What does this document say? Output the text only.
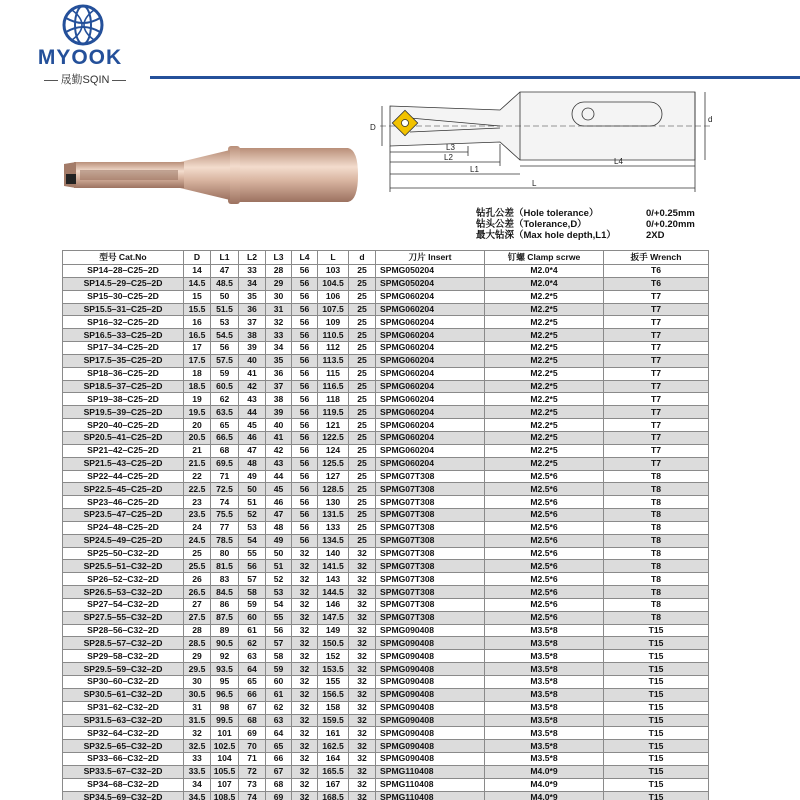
MYOOK
晟勤SQIN
D
d
L3
L2
L1
L4
L
钻孔公差（Hole tolerance）	0/+0.25mm
钻头公差（Tolerance,D）	0/+0.20mm
最大钻深（Max hole depth,L1）	2XD
型号 Cat.No	D	L1	L2	L3	L4	L	d	刀片 Insert	钉螺 Clamp scrwe	扳手 Wrench
SP14–28–C25–2D	14	47	33	28	56	103	25	SPMG050204	M2.0*4	T6
SP14.5–29–C25–2D	14.5	48.5	34	29	56	104.5	25	SPMG050204	M2.0*4	T6
SP15–30–C25–2D	15	50	35	30	56	106	25	SPMG060204	M2.2*5	T7
SP15.5–31–C25–2D	15.5	51.5	36	31	56	107.5	25	SPMG060204	M2.2*5	T7
SP16–32–C25–2D	16	53	37	32	56	109	25	SPMG060204	M2.2*5	T7
SP16.5–33–C25–2D	16.5	54.5	38	33	56	110.5	25	SPMG060204	M2.2*5	T7
SP17–34–C25–2D	17	56	39	34	56	112	25	SPMG060204	M2.2*5	T7
SP17.5–35–C25–2D	17.5	57.5	40	35	56	113.5	25	SPMG060204	M2.2*5	T7
SP18–36–C25–2D	18	59	41	36	56	115	25	SPMG060204	M2.2*5	T7
SP18.5–37–C25–2D	18.5	60.5	42	37	56	116.5	25	SPMG060204	M2.2*5	T7
SP19–38–C25–2D	19	62	43	38	56	118	25	SPMG060204	M2.2*5	T7
SP19.5–39–C25–2D	19.5	63.5	44	39	56	119.5	25	SPMG060204	M2.2*5	T7
SP20–40–C25–2D	20	65	45	40	56	121	25	SPMG060204	M2.2*5	T7
SP20.5–41–C25–2D	20.5	66.5	46	41	56	122.5	25	SPMG060204	M2.2*5	T7
SP21–42–C25–2D	21	68	47	42	56	124	25	SPMG060204	M2.2*5	T7
SP21.5–43–C25–2D	21.5	69.5	48	43	56	125.5	25	SPMG060204	M2.2*5	T7
SP22–44–C25–2D	22	71	49	44	56	127	25	SPMG07T308	M2.5*6	T8
SP22.5–45–C25–2D	22.5	72.5	50	45	56	128.5	25	SPMG07T308	M2.5*6	T8
SP23–46–C25–2D	23	74	51	46	56	130	25	SPMG07T308	M2.5*6	T8
SP23.5–47–C25–2D	23.5	75.5	52	47	56	131.5	25	SPMG07T308	M2.5*6	T8
SP24–48–C25–2D	24	77	53	48	56	133	25	SPMG07T308	M2.5*6	T8
SP24.5–49–C25–2D	24.5	78.5	54	49	56	134.5	25	SPMG07T308	M2.5*6	T8
SP25–50–C32–2D	25	80	55	50	32	140	32	SPMG07T308	M2.5*6	T8
SP25.5–51–C32–2D	25.5	81.5	56	51	32	141.5	32	SPMG07T308	M2.5*6	T8
SP26–52–C32–2D	26	83	57	52	32	143	32	SPMG07T308	M2.5*6	T8
SP26.5–53–C32–2D	26.5	84.5	58	53	32	144.5	32	SPMG07T308	M2.5*6	T8
SP27–54–C32–2D	27	86	59	54	32	146	32	SPMG07T308	M2.5*6	T8
SP27.5–55–C32–2D	27.5	87.5	60	55	32	147.5	32	SPMG07T308	M2.5*6	T8
SP28–56–C32–2D	28	89	61	56	32	149	32	SPMG090408	M3.5*8	T15
SP28.5–57–C32–2D	28.5	90.5	62	57	32	150.5	32	SPMG090408	M3.5*8	T15
SP29–58–C32–2D	29	92	63	58	32	152	32	SPMG090408	M3.5*8	T15
SP29.5–59–C32–2D	29.5	93.5	64	59	32	153.5	32	SPMG090408	M3.5*8	T15
SP30–60–C32–2D	30	95	65	60	32	155	32	SPMG090408	M3.5*8	T15
SP30.5–61–C32–2D	30.5	96.5	66	61	32	156.5	32	SPMG090408	M3.5*8	T15
SP31–62–C32–2D	31	98	67	62	32	158	32	SPMG090408	M3.5*8	T15
SP31.5–63–C32–2D	31.5	99.5	68	63	32	159.5	32	SPMG090408	M3.5*8	T15
SP32–64–C32–2D	32	101	69	64	32	161	32	SPMG090408	M3.5*8	T15
SP32.5–65–C32–2D	32.5	102.5	70	65	32	162.5	32	SPMG090408	M3.5*8	T15
SP33–66–C32–2D	33	104	71	66	32	164	32	SPMG090408	M3.5*8	T15
SP33.5–67–C32–2D	33.5	105.5	72	67	32	165.5	32	SPMG110408	M4.0*9	T15
SP34–68–C32–2D	34	107	73	68	32	167	32	SPMG110408	M4.0*9	T15
SP34.5–69–C32–2D	34.5	108.5	74	69	32	168.5	32	SPMG110408	M4.0*9	T15
